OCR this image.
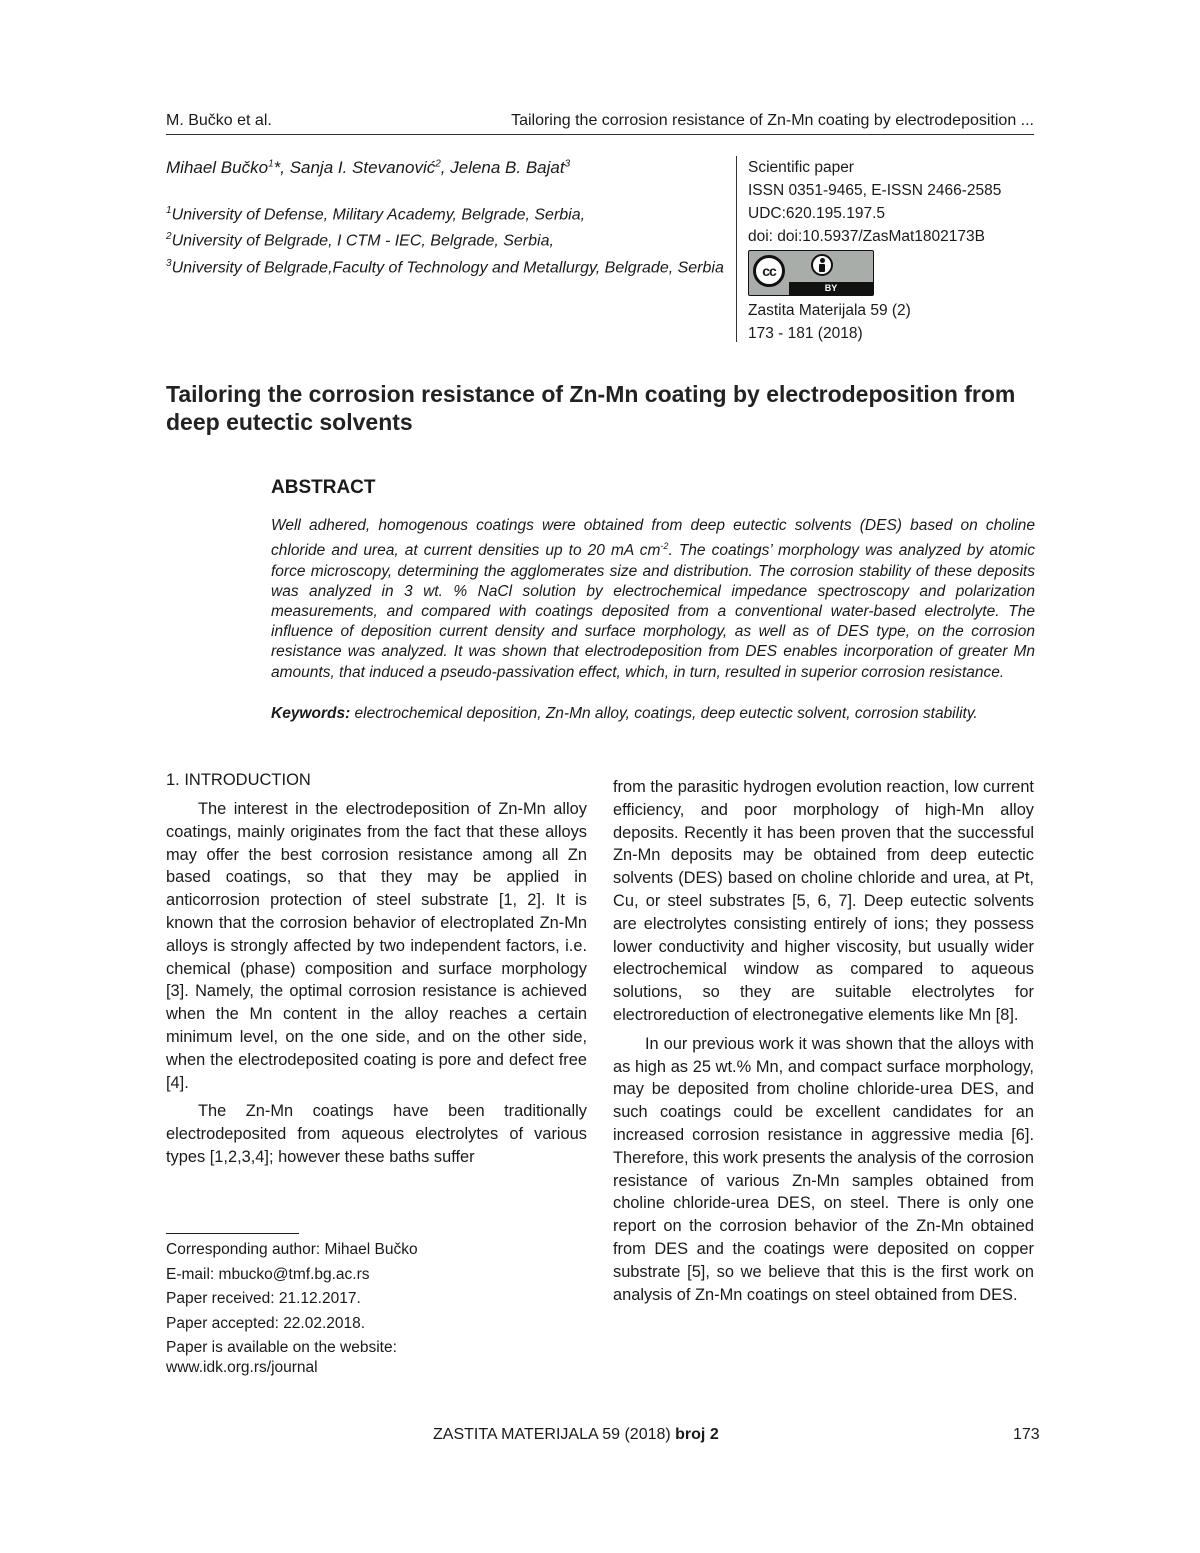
M. Bučko et al.	Tailoring the corrosion resistance of Zn-Mn coating by electrodeposition ...
Mihael Bučko$^1$*, Sanja I. Stevanović$^2$, Jelena B. Bajat$^3$
$^1$University of Defense, Military Academy, Belgrade, Serbia,
$^2$University of Belgrade, I CTM - IEC, Belgrade, Serbia,
$^3$University of Belgrade,Faculty of Technology and Metallurgy, Belgrade, Serbia
Scientific paper
ISSN 0351-9465, E-ISSN 2466-2585
UDC:620.195.197.5
doi: doi:10.5937/ZasMat1802173B
cc
BY
Zastita Materijala 59 (2)
173 - 181 (2018)
Tailoring the corrosion resistance of Zn-Mn coating by electrodeposition from deep eutectic solvents
ABSTRACT
Well adhered, homogenous coatings were obtained from deep eutectic solvents (DES) based on choline chloride and urea, at current densities up to 20 mA $cm^{-2}$. The coatings’ morphology was analyzed by atomic force microscopy, determining the agglomerates size and distribution. The corrosion stability of these deposits was analyzed in 3 wt. % NaCl solution by electrochemical impedance spectroscopy and polarization measurements, and compared with coatings deposited from a conventional water-based electrolyte. The influence of deposition current density and surface morphology, as well as of DES type, on the corrosion resistance was analyzed. It was shown that electrodeposition from DES enables incorporation of greater Mn amounts, that induced a pseudo-passivation effect, which, in turn, resulted in superior corrosion resistance.
Keywords: electrochemical deposition, Zn-Mn alloy, coatings, deep eutectic solvent, corrosion stability.
1. INTRODUCTION

The interest in the electrodeposition of Zn-Mn alloy coatings, mainly originates from the fact that these alloys may offer the best corrosion resistance among all Zn based coatings, so that they may be applied in anticorrosion protection of steel substrate [1, 2]. It is known that the corrosion behavior of electroplated Zn-Mn alloys is strongly affected by two independent factors, i.e. chemical (phase) composition and surface morphology [3]. Namely, the optimal corrosion resistance is achieved when the Mn content in the alloy reaches a certain minimum level, on the one side, and on the other side, when the electrodeposited coating is pore and defect free [4].

The Zn-Mn coatings have been traditionally electrodeposited from aqueous electrolytes of various types [1,2,3,4]; however these baths suffer

from the parasitic hydrogen evolution reaction, low current efficiency, and poor morphology of high-Mn alloy deposits. Recently it has been proven that the successful Zn-Mn deposits may be obtained from deep eutectic solvents (DES) based on choline chloride and urea, at Pt, Cu, or steel substrates [5, 6, 7]. Deep eutectic solvents are electrolytes consisting entirely of ions; they possess lower conductivity and higher viscosity, but usually wider electrochemical window as compared to aqueous solutions, so they are suitable electrolytes for electroreduction of electronegative elements like Mn [8].

In our previous work it was shown that the alloys with as high as 25 wt.% Mn, and compact surface morphology, may be deposited from choline chloride-urea DES, and such coatings could be excellent candidates for an increased corrosion resistance in aggressive media [6]. Therefore, this work presents the analysis of the corrosion resistance of various Zn-Mn samples obtained from choline chloride-urea DES, on steel. There is only one report on the corrosion behavior of the Zn-Mn obtained from DES and the coatings were deposited on copper substrate [5], so we believe that this is the first work on analysis of Zn-Mn coatings on steel obtained from DES.

Corresponding author: Mihael Bučko
E-mail: mbucko@tmf.bg.ac.rs
Paper received: 21.12.2017.
Paper accepted: 22.02.2018.
Paper is available on the website:
www.idk.org.rs/journal
ZASTITA MATERIJALA 59 (2018) broj 2	173
